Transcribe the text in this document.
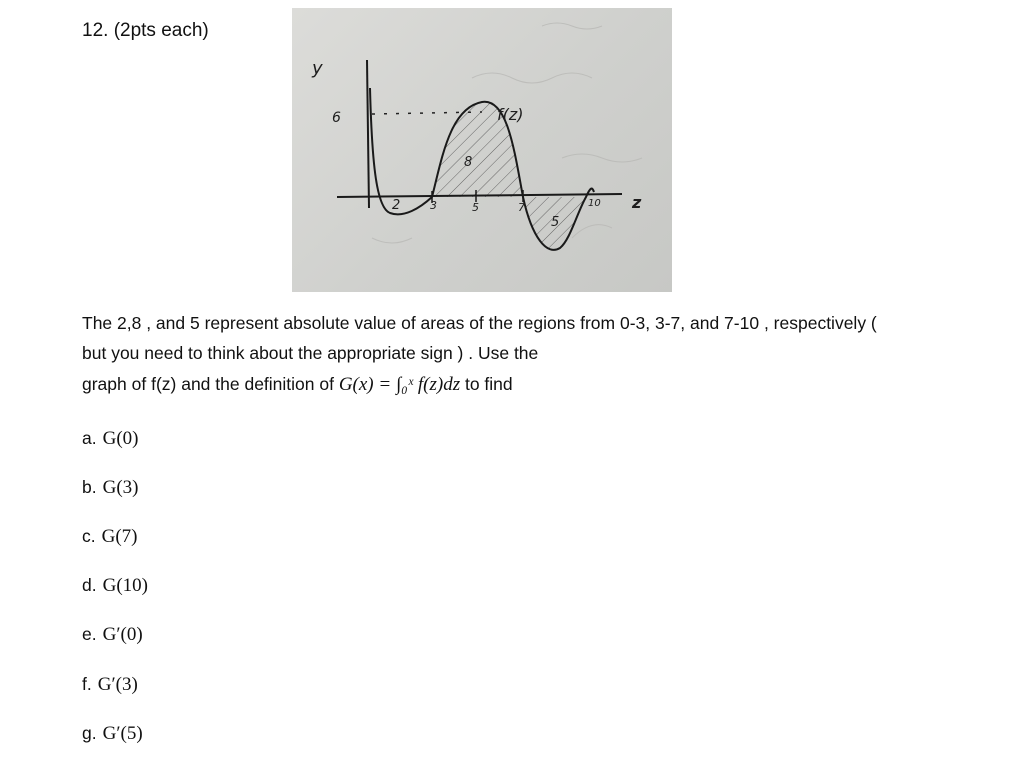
12. (2pts each)
y
6	f(z)
z
3	5	7	10
2
8
5
The 2,8 , and 5 represent absolute value of areas of the regions from 0-3, 3-7, and 7-10 , respectively (
but you need to think about the appropriate sign ) . Use the
graph of f(z) and the definition of G(x) = ∫₀ˣ f(z)dz to find
a. G(0)
b. G(3)
c. G(7)
d. G(10)
e. G′(0)
f. G′(3)
g. G′(5)
